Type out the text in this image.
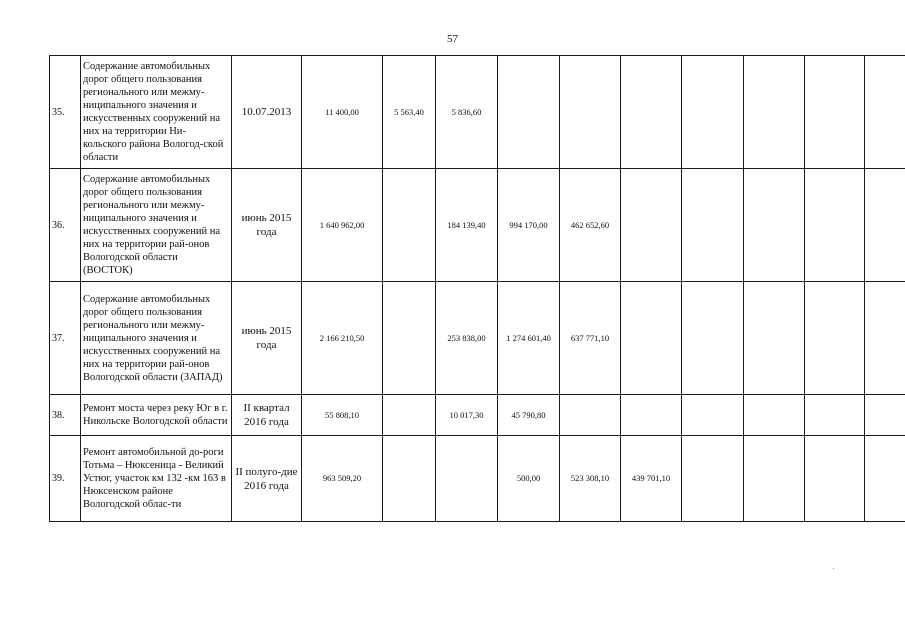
57
35.	Содержание автомобильных дорог общего пользования регионального или межму-ниципального значения и искусственных сооружений на них на территории Ни-кольского района Вологод-ской области	10.07.2013	11 400,00	5 563,40	5 836,60							
36.	Содержание автомобильных дорог общего пользования регионального или межму-ниципального значения и искусственных сооружений на них на территории рай-онов Вологодской области (ВОСТОК)	июнь 2015 года	1 640 962,00		184 139,40	994 170,00	462 652,60					
37.	Содержание автомобильных дорог общего пользования регионального или межму-ниципального значения и искусственных сооружений на них на территории рай-онов Вологодской области (ЗАПАД)	июнь 2015 года	2 166 210,50		253 838,00	1 274 601,40	637 771,10					
38.	Ремонт моста через реку Юг в г. Никольске Вологодской области	II квартал 2016 года	55 808,10		10 017,30	45 790,80						
39.	Ремонт автомобильной до-роги Тотьма – Нюксеница - Великий Устюг, участок км 132 -км 163 в Нюксенском районе Вологодской облас-ти	II полуго-дие 2016 года	963 509,20			500,00	523 308,10	439 701,10				
